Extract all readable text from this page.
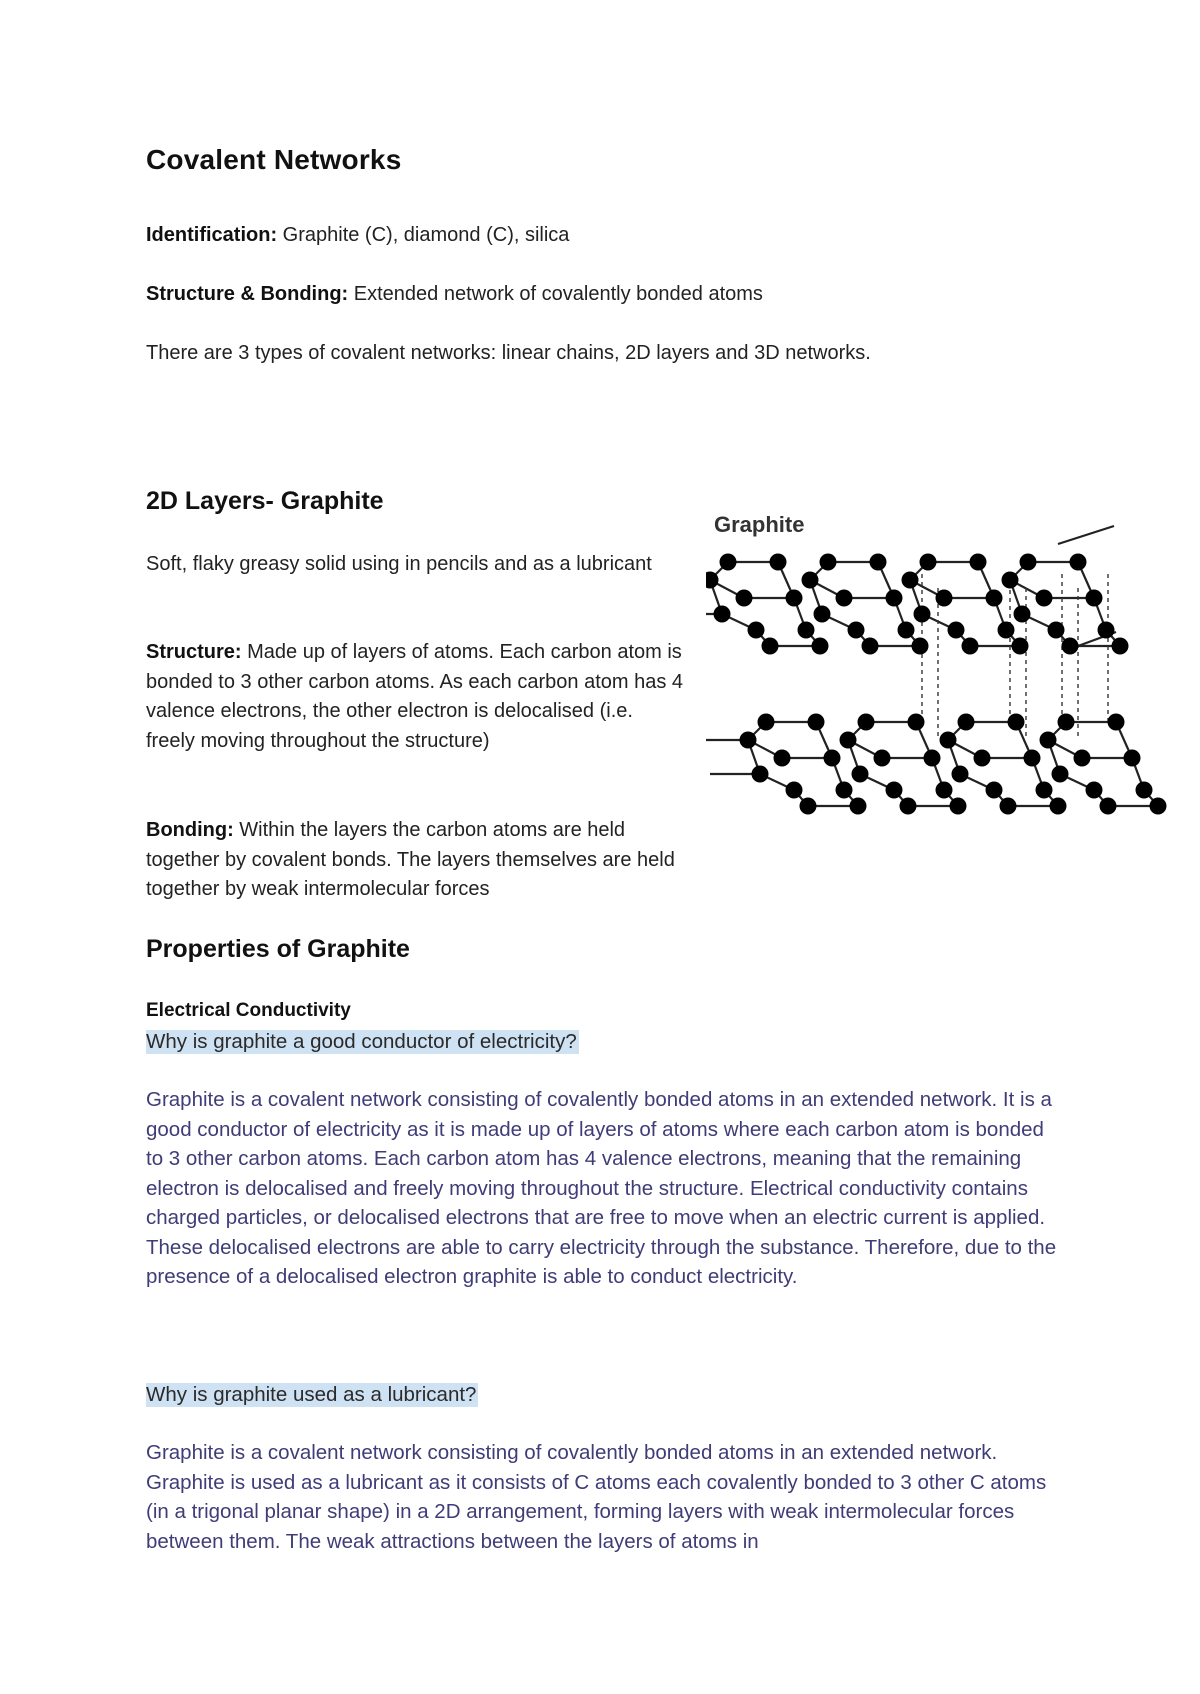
Covalent Networks

Identification: Graphite (C), diamond (C), silica

Structure & Bonding: Extended network of covalently bonded atoms

There are 3 types of covalent networks: linear chains, 2D layers and 3D networks.

2D Layers- Graphite

Soft, flaky greasy solid using in pencils and as a lubricant

Structure: Made up of layers of atoms. Each carbon atom is bonded to 3 other carbon atoms. As each carbon atom has 4 valence electrons, the other electron is delocalised (i.e. freely moving throughout the structure)

Bonding: Within the layers the carbon atoms are held together by covalent bonds. The layers themselves are held together by weak intermolecular forces

Graphite
Properties of Graphite
Electrical Conductivity
Why is graphite a good conductor of electricity?

Graphite is a covalent network consisting of covalently bonded atoms in an extended network. It is a good conductor of electricity as it is made up of layers of atoms where each carbon atom is bonded to 3 other carbon atoms. Each carbon atom has 4 valence electrons, meaning that the remaining electron is delocalised and freely moving throughout the structure. Electrical conductivity contains charged particles, or delocalised electrons that are free to move when an electric current is applied. These delocalised electrons are able to carry electricity through the substance. Therefore, due to the presence of a delocalised electron graphite is able to conduct electricity.

Why is graphite used as a lubricant?

Graphite is a covalent network consisting of covalently bonded atoms in an extended network. Graphite is used as a lubricant as it consists of C atoms each covalently bonded to 3 other C atoms (in a trigonal planar shape) in a 2D arrangement, forming layers with weak intermolecular forces between them. The weak attractions between the layers of atoms in
